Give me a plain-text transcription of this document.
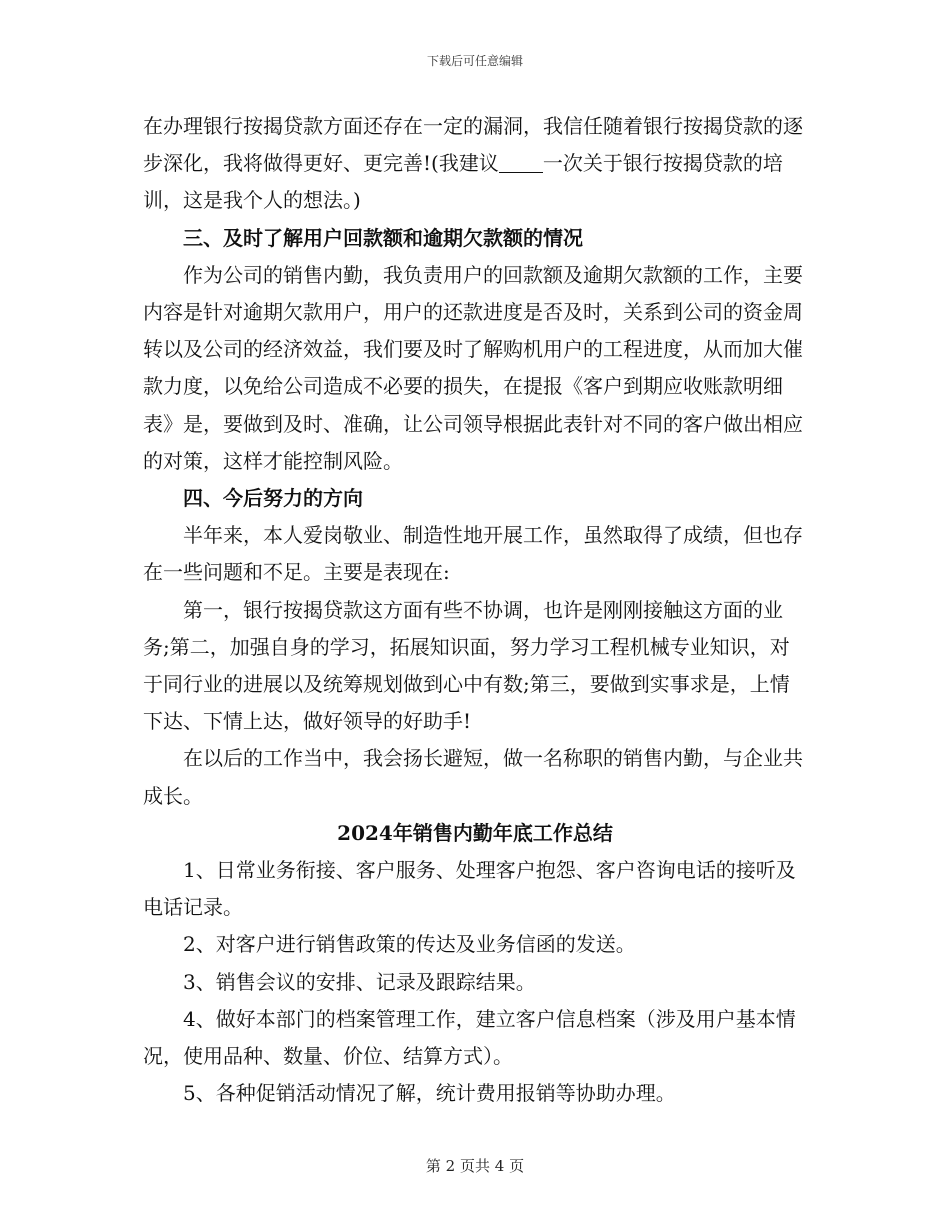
下载后可任意编辑

在办理银行按揭贷款方面还存在一定的漏洞，我信任随着银行按揭贷款的逐步深化，我将做得更好、更完善!(我建议 一次关于银行按揭贷款的培训，这是我个人的想法。)

三、及时了解用户回款额和逾期欠款额的情况

作为公司的销售内勤，我负责用户的回款额及逾期欠款额的工作，主要内容是针对逾期欠款用户，用户的还款进度是否及时，关系到公司的资金周转以及公司的经济效益，我们要及时了解购机用户的工程进度，从而加大催款力度，以免给公司造成不必要的损失，在提报《客户到期应收账款明细表》是，要做到及时、准确，让公司领导根据此表针对不同的客户做出相应的对策，这样才能控制风险。

四、今后努力的方向

半年来，本人爱岗敬业、制造性地开展工作，虽然取得了成绩，但也存在一些问题和不足。主要是表现在:

第一，银行按揭贷款这方面有些不协调，也许是刚刚接触这方面的业务;第二，加强自身的学习，拓展知识面，努力学习工程机械专业知识，对于同行业的进展以及统筹规划做到心中有数;第三，要做到实事求是，上情下达、下情上达，做好领导的好助手!

在以后的工作当中，我会扬长避短，做一名称职的销售内勤，与企业共成长。

2024年销售内勤年底工作总结

1、日常业务衔接、客户服务、处理客户抱怨、客户咨询电话的接听及电话记录。

2、对客户进行销售政策的传达及业务信函的发送。

3、销售会议的安排、记录及跟踪结果。

4、做好本部门的档案管理工作，建立客户信息档案（涉及用户基本情况，使用品种、数量、价位、结算方式）。

5、各种促销活动情况了解，统计费用报销等协助办理。

第 2 页共 4 页
